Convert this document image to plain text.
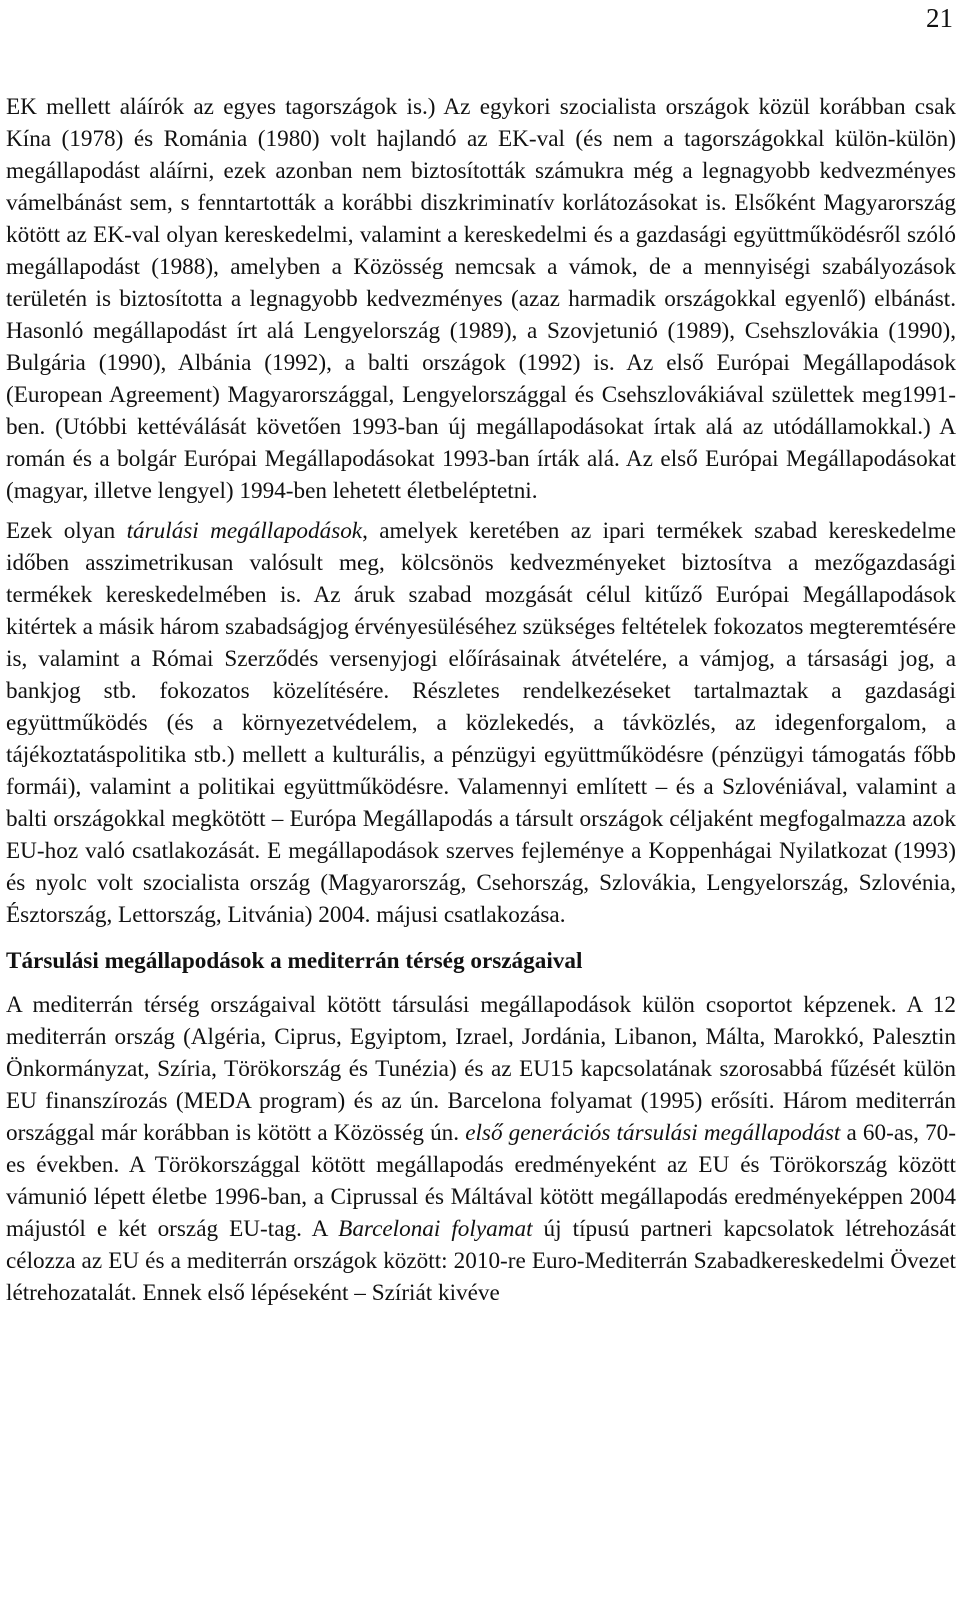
21

EK mellett aláírók az egyes tagországok is.) Az egykori szocialista országok közül korábban csak Kína (1978) és Románia (1980) volt hajlandó az EK-val (és nem a tagországokkal külön-külön) megállapodást aláírni, ezek azonban nem biztosították számukra még a legnagyobb kedvezményes vámelbánást sem, s fenntartották a korábbi diszkriminatív korlátozásokat is. Elsőként Magyarország kötött az EK-val olyan kereskedelmi, valamint a kereskedelmi és a gazdasági együttműködésről szóló megállapodást (1988), amelyben a Közösség nemcsak a vámok, de a mennyiségi szabályozások területén is biztosította a legnagyobb kedvezményes (azaz harmadik országokkal egyenlő) elbánást. Hasonló megállapodást írt alá Lengyelország (1989), a Szovjetunió (1989), Csehszlovákia (1990), Bulgária (1990), Albánia (1992), a balti országok (1992) is. Az első Európai Megállapodások (European Agreement) Magyarországgal, Lengyelországgal és Csehszlovákiával születtek meg1991-ben. (Utóbbi kettéválását követően 1993-ban új megállapodásokat írtak alá az utódállamokkal.) A román és a bolgár Európai Megállapodásokat 1993-ban írták alá. Az első Európai Megállapodásokat (magyar, illetve lengyel) 1994-ben lehetett életbeléptetni.

Ezek olyan tárulási megállapodások, amelyek keretében az ipari termékek szabad kereskedelme időben asszimetrikusan valósult meg, kölcsönös kedvezményeket biztosítva a mezőgazdasági termékek kereskedelmében is. Az áruk szabad mozgását célul kitűző Európai Megállapodások kitértek a másik három szabadságjog érvényesüléséhez szükséges feltételek fokozatos megteremtésére is, valamint a Római Szerződés versenyjogi előírásainak átvételére, a vámjog, a társasági jog, a bankjog stb. fokozatos közelítésére. Részletes rendelkezéseket tartalmaztak a gazdasági együttműködés (és a környezetvédelem, a közlekedés, a távközlés, az idegenforgalom, a tájékoztatáspolitika stb.) mellett a kulturális, a pénzügyi együttműködésre (pénzügyi támogatás főbb formái), valamint a politikai együttműködésre. Valamennyi említett – és a Szlovéniával, valamint a balti országokkal megkötött – Európa Megállapodás a társult országok céljaként megfogalmazza azok EU-hoz való csatlakozását. E megállapodások szerves fejleménye a Koppenhágai Nyilatkozat (1993) és nyolc volt szocialista ország (Magyarország, Csehország, Szlovákia, Lengyelország, Szlovénia, Észtország, Lettország, Litvánia) 2004. májusi csatlakozása.

Társulási megállapodások a mediterrán térség országaival

A mediterrán térség országaival kötött társulási megállapodások külön csoportot képzenek. A 12 mediterrán ország (Algéria, Ciprus, Egyiptom, Izrael, Jordánia, Libanon, Málta, Marokkó, Palesztin Önkormányzat, Szíria, Törökország és Tunézia) és az EU15 kapcsolatának szorosabbá fűzését külön EU finanszírozás (MEDA program) és az ún. Barcelona folyamat (1995) erősíti. Három mediterrán országgal már korábban is kötött a Közösség ún. első generációs társulási megállapodást a 60-as, 70-es években. A Törökországgal kötött megállapodás eredményeként az EU és Törökország között vámunió lépett életbe 1996-ban, a Ciprussal és Máltával kötött megállapodás eredményeképpen 2004 májustól e két ország EU-tag. A Barcelonai folyamat új típusú partneri kapcsolatok létrehozását célozza az EU és a mediterrán országok között: 2010-re Euro-Mediterrán Szabadkereskedelmi Övezet létrehozatalát. Ennek első lépéseként – Szíriát kivéve
